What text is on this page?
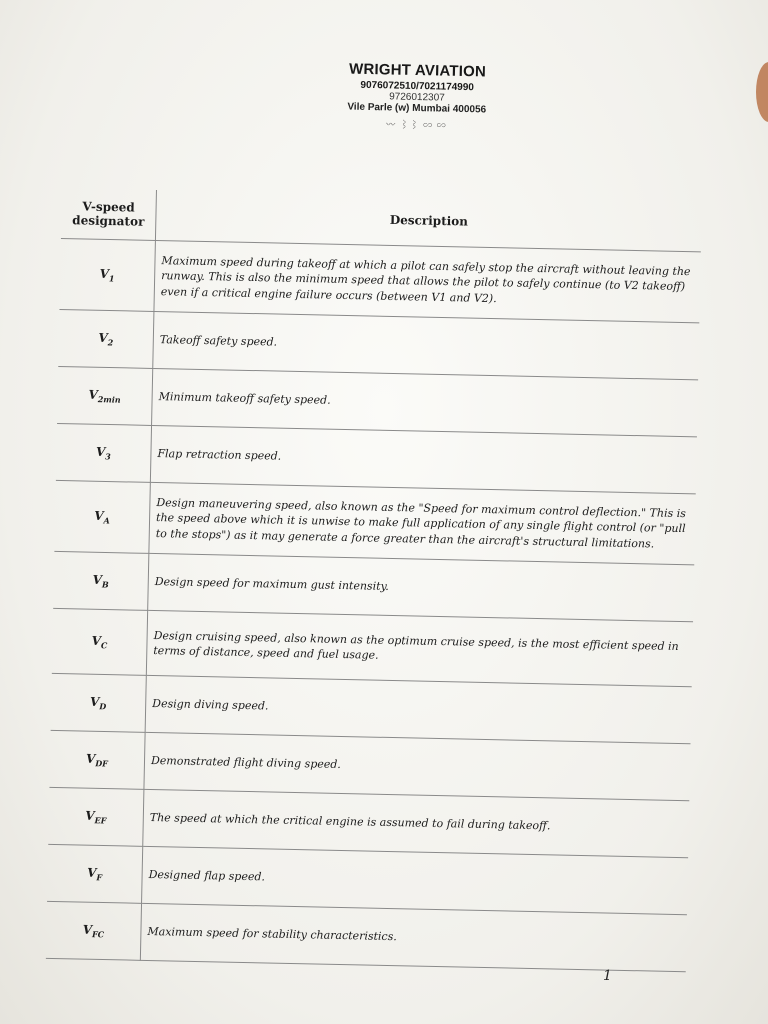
WRIGHT AVIATION
9076072510/7021174990
9726012307
Vile Parle (w) Mumbai 400056
〰 ⌇⌇ ∽ ∽
V-speed designator	Description
$V_1$	Maximum speed during takeoff at which a pilot can safely stop the aircraft without leaving the runway. This is also the minimum speed that allows the pilot to safely continue (to V2 takeoff) even if a critical engine failure occurs (between V1 and V2).
$V_2$	Takeoff safety speed.
$V_{2min}$	Minimum takeoff safety speed.
$V_3$	Flap retraction speed.
$V_A$	Design maneuvering speed, also known as the "Speed for maximum control deflection." This is the speed above which it is unwise to make full application of any single flight control (or "pull to the stops") as it may generate a force greater than the aircraft's structural limitations.
$V_B$	Design speed for maximum gust intensity.
$V_C$	Design cruising speed, also known as the optimum cruise speed, is the most efficient speed in terms of distance, speed and fuel usage.
$V_D$	Design diving speed.
$V_{DF}$	Demonstrated flight diving speed.
$V_{EF}$	The speed at which the critical engine is assumed to fail during takeoff.
$V_F$	Designed flap speed.
$V_{FC}$	Maximum speed for stability characteristics.
1
